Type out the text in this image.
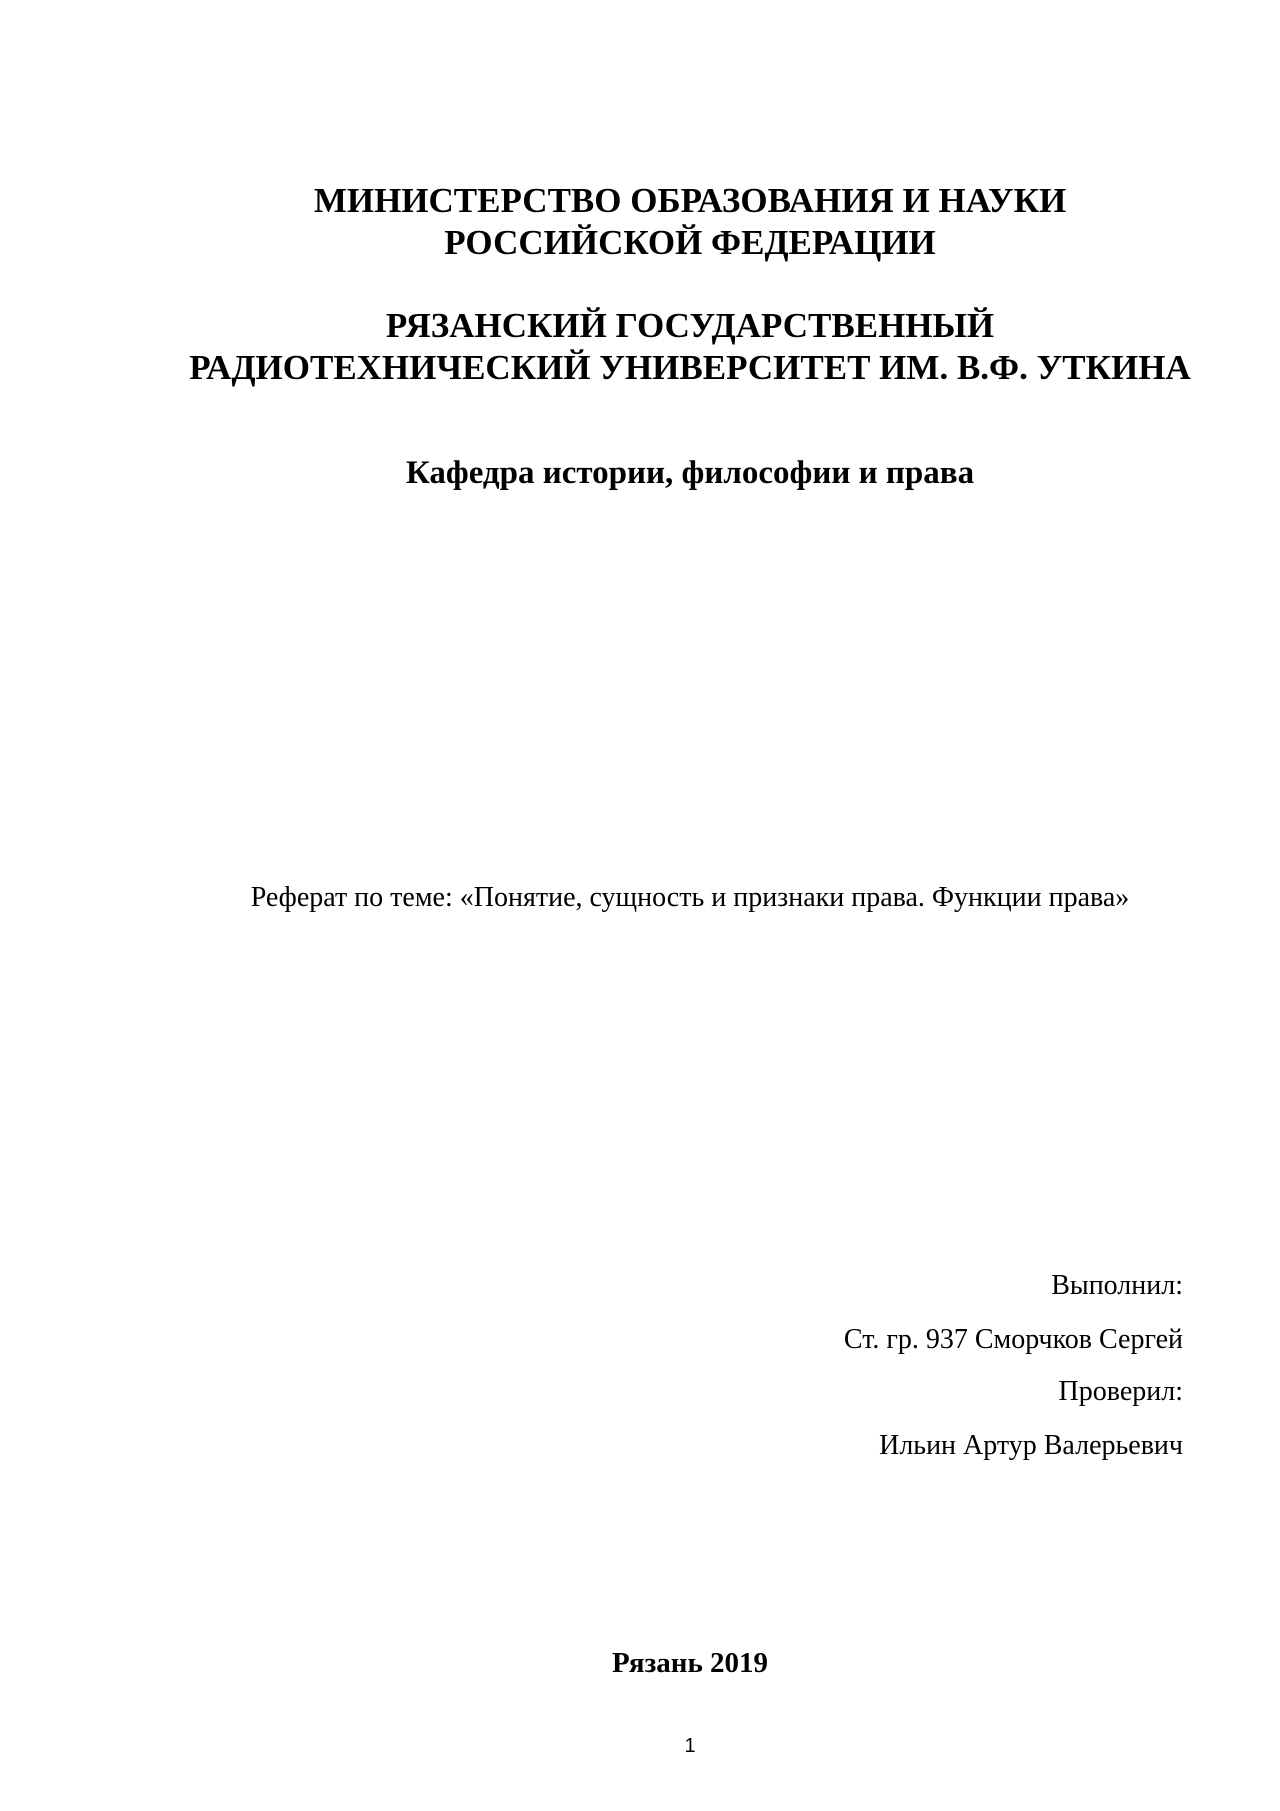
МИНИСТЕРСТВО ОБРАЗОВАНИЯ И НАУКИ
РОССИЙСКОЙ ФЕДЕРАЦИИ
РЯЗАНСКИЙ ГОСУДАРСТВЕННЫЙ
РАДИОТЕХНИЧЕСКИЙ УНИВЕРСИТЕТ ИМ. В.Ф. УТКИНА
Кафедра истории, философии и права
Реферат по теме: «Понятие, сущность и признаки права. Функции права»
Выполнил:
Ст. гр. 937 Сморчков Сергей
Проверил:
Ильин Артур Валерьевич
Рязань 2019
1
